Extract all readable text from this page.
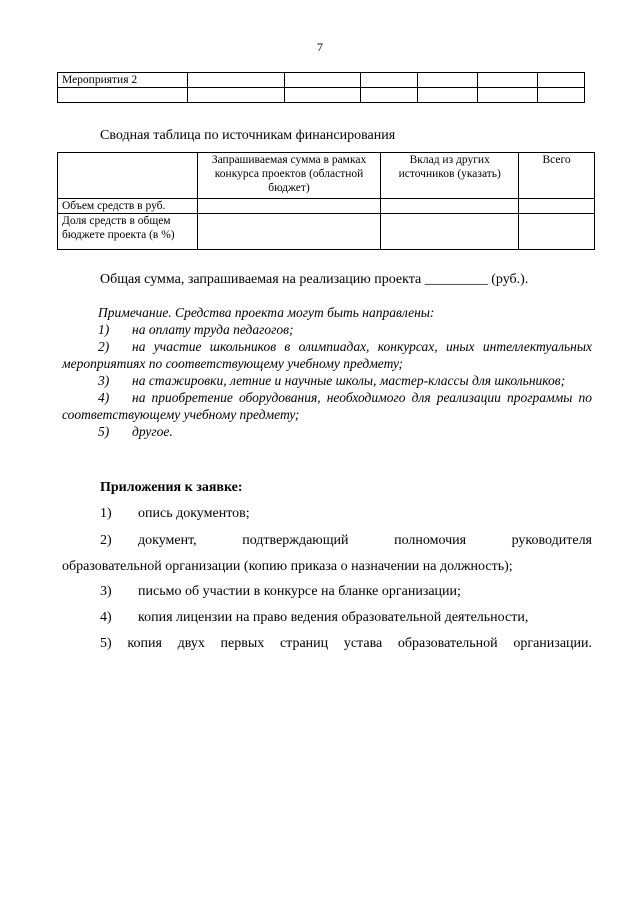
7
Мероприятия 2						

Сводная таблица по источникам финансирования
	Запрашиваемая сумма в рамках конкурса проектов (областной бюджет)	Вклад из других источников (указать)	Всего
Объем средств в руб.			
Доля средств в общем бюджете проекта (в %)			
Общая сумма, запрашиваемая на реализацию проекта _________ (руб.).

Примечание. Средства проекта могут быть направлены:

1) на оплату труда педагогов;

2) на участие школьников в олимпиадах, конкурсах, иных интеллектуальных мероприятиях по соответствующему учебному предмету;

3) на стажировки, летние и научные школы, мастер-классы для школьников;

4) на приобретение оборудования, необходимого для реализации программы по соответствующему учебному предмету;

5) другое.

Приложения к заявке:
1) опись документов;
2) документ, подтверждающий полномочия руководителя
образовательной организации (копию приказа о назначении на должность);
3) письмо об участии в конкурсе на бланке организации;
4) копия лицензии на право ведения образовательной деятельности,
5) копия двух первых страниц устава образовательной организации.
